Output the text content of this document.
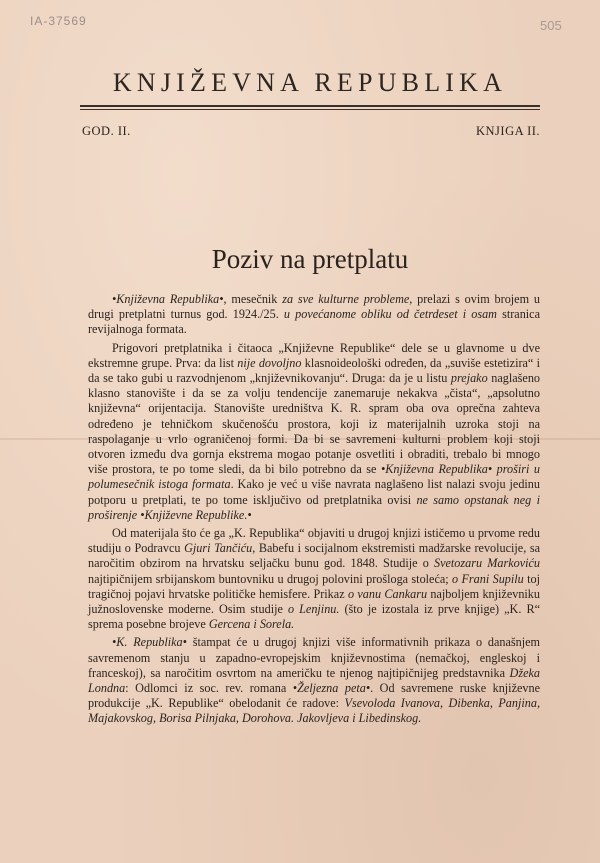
IA-37569	505
KNJIŽEVNA REPUBLIKA
GOD. II.	KNJIGA II.
Poziv na pretplatu

•Književna Republika•, mesečnik za sve kulturne probleme, prelazi s ovim brojem u drugi pretplatni turnus god. 1924./25. u povećanome obliku od četrdeset i osam stranica revijalnoga formata.

Prigovori pretplatnika i čitaoca „Književne Republike“ dele se u glavnome u dve ekstremne grupe. Prva: da list nije dovoljno klasnoideološki određen, da „suviše estetizira“ i da se tako gubi u razvodnjenom „književnikovanju“. Druga: da je u listu prejako naglašeno klasno stanovište i da se za volju tendencije zanemaruje nekakva „čista“, „apsolutno književna“ orijentacija. Stanovište uredništva K. R. spram oba ova oprečna zahteva određeno je tehničkom skučenošću prostora, koji iz materijalnih uzroka stoji na raspolaganje u vrlo ograničenoj formi. Da bi se savremeni kulturni problem koji stoji otvoren između dva gornja ekstrema mogao potanje osvetliti i obraditi, trebalo bi mnogo više prostora, te po tome sledi, da bi bilo potrebno da se •Književna Republika• proširi u polumesečnik istoga formata. Kako je već u više navrata naglašeno list nalazi svoju jedinu potporu u pretplati, te po tome isključivo od pretplatnika ovisi ne samo opstanak neg i proširenje •Književne Republike.•

Od materijala što će ga „K. Republika“ objaviti u drugoj knjizi ističemo u prvome redu studiju o Podravcu Gjuri Tančiću, Babefu i socijalnom ekstremisti madžarske revolucije, sa naročitim obzirom na hrvatsku seljačku bunu god. 1848. Studije o Svetozaru Markoviću najtipičnijem srbijanskom buntovniku u drugoj polovini prošloga stoleća; o Frani Supilu toj tragičnoj pojavi hrvatske političke hemisfere. Prikaz o vanu Cankaru najboljem književniku južnoslovenske moderne. Osim studije o Lenjinu. (što je izostala iz prve knjige) „K. R“ sprema posebne brojeve Gercena i Sorela.

•K. Republika• štampat će u drugoj knjizi više informativnih prikaza o današnjem savremenom stanju u zapadno-evropejskim književnostima (nemačkoj, engleskoj i franceskoj), sa naročitim osvrtom na američku te njenog najtipičnijeg predstavnika Džeka Londna: Odlomci iz soc. rev. romana •Željezna peta•. Od savremene ruske književne produkcije „K. Republike“ obelodanit će radove: Vsevoloda Ivanova, Dibenka, Panjina, Majakovskog, Borisa Pilnjaka, Dorohova. Jakovljeva i Libedinskog.
